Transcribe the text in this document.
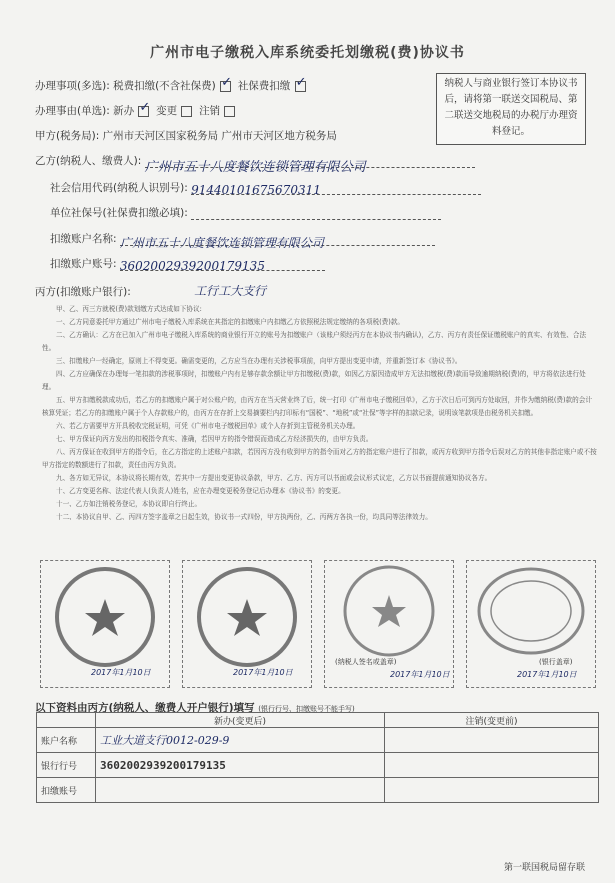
广州市电子缴税入库系统委托划缴税(费)协议书
办理事项(多选): 税费扣缴(不含社保费) ✓ 社保费扣缴 ✓
办理事由(单选): 新办 ✓ 变更 注销
纳税人与商业银行签订本协议书后，请将第一联送交国税局、第二联送交地税局的办税厅办理资料登记。
甲方(税务局): 广州市天河区国家税务局 广州市天河区地方税务局
乙方(纳税人、缴费人): 广州市五十八度餐饮连锁管理有限公司
社会信用代码(纳税人识别号): 91440101675670311
单位社保号(社保费扣缴必填):
扣缴账户名称: 广州市五十八度餐饮连锁管理有限公司
扣缴账户账号: 3602002939200179135
丙方(扣缴账户银行):	工行工大支行

甲、乙、丙三方就税(费)款划缴方式达成如下协议:

一、乙方同意委托甲方通过广州市电子缴税入库系统在其指定的扣缴账户内扣缴乙方依照税法规定缴纳的各项税(费)款。

二、乙方确认：乙方在已加入广州市电子缴税入库系统的商业银行开立的账号为扣缴账户（该账户须经丙方在本协议书内确认)，乙方、丙方有责任保证缴税账户的真实、有效性、合法性。

三、扣缴账户一经确定，原则上不得变更。确需变更的，乙方应当在办理有关涉税事项前，向甲方提出变更申请，并重新签订本《协议书》。

四、乙方应确保在办理每一笔扣款的涉税事项时，扣缴账户内有足够存款余额让甲方扣缴税(费)款，如因乙方原因造成甲方无法扣缴税(费)款而导致逾期纳税(费)的，甲方将依法进行处理。

五、甲方扣缴税款成功后，若乙方的扣缴账户属于对公账户的，由丙方在当天营业终了后，统一打印《广州市电子缴税回单》，乙方于次日后可到丙方处取回，并作为缴纳税(费)款的会计核算凭证；若乙方的扣缴账户属于个人存款账户的，由丙方在存折上交易摘要栏内打印标有“国税”、“地税”或“社保”等字样的扣款记录，说明该笔款项是由税务机关扣缴。

六、若乙方需要甲方开具税收完税证明，可凭《广州市电子缴税回单》或个人存折到主管税务机关办理。

七、甲方保证向丙方发出的扣税指令真实、准确，若因甲方的指令错误而造成乙方经济损失的，由甲方负责。

八、丙方保证在收到甲方的指令后，在乙方指定的上述账户扣款，若因丙方没有收到甲方的指令而对乙方的指定账户进行了扣款，或丙方收到甲方指令后误对乙方的其他非指定账户或不按甲方指定的数额进行了扣款，责任由丙方负责。

九、各方如无异议，本协议将长期有效，若其中一方提出变更协议条款，甲方、乙方、丙方可以书面或会议形式议定，乙方以书面提前通知协议各方。

十、乙方变更名称、法定代表人(负责人)姓名，应在办理变更税务登记后办理本《协议书》的变更。

十一、乙方如注销税务登记，本协议即自行终止。

十二、本协议自甲、乙、丙四方签字盖章之日起生效，协议书一式四份，甲方执两份，乙、丙两方各执一份，均具同等法律效力。

2017年1月10日	2017年1月10日
(纳税人签名或盖章)
2017年1月10日
(银行盖章)
2017年1月10日
以下资料由丙方(纳税人、缴费人开户银行)填写 (银行行号、扣缴账号不能手写)
	新办(变更后)	注销(变更前)
账户名称	工业大道支行0012-029-9	
银行行号	3602002939200179135	
扣缴账号		
第一联国税局留存联
